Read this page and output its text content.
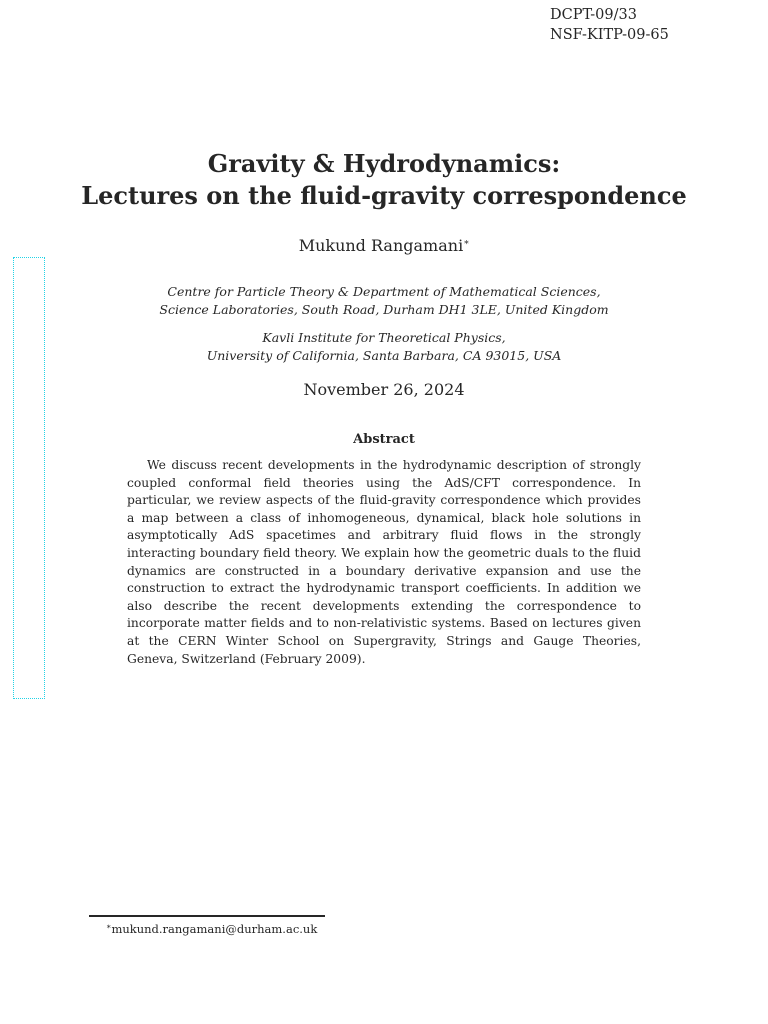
DCPT-09/33
NSF-KITP-09-65
Gravity & Hydrodynamics:
Lectures on the fluid-gravity correspondence
Mukund Rangamani∗
Centre for Particle Theory & Department of Mathematical Sciences,
Science Laboratories, South Road, Durham DH1 3LE, United Kingdom
Kavli Institute for Theoretical Physics,
University of California, Santa Barbara, CA 93015, USA
November 26, 2024
Abstract
We discuss recent developments in the hydrodynamic description of strongly coupled conformal field theories using the AdS/CFT correspondence. In particular, we review aspects of the fluid-gravity correspondence which provides a map between a class of inhomogeneous, dynamical, black hole solutions in asymptotically AdS spacetimes and arbitrary fluid flows in the strongly interacting boundary field theory. We explain how the geometric duals to the fluid dynamics are constructed in a boundary derivative expansion and use the construction to extract the hydrodynamic transport coefficients. In addition we also describe the recent developments extending the correspondence to incorporate matter fields and to non-relativistic systems. Based on lectures given at the CERN Winter School on Supergravity, Strings and Gauge Theories, Geneva, Switzerland (February 2009).
∗mukund.rangamani@durham.ac.uk
